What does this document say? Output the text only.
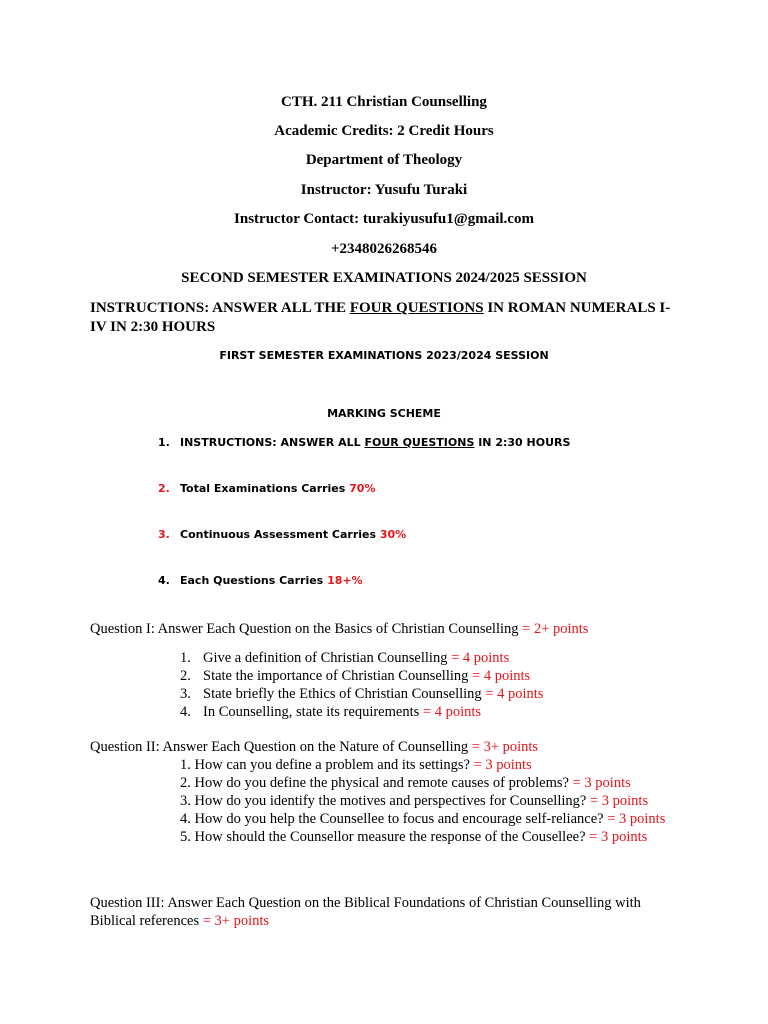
CTH. 211 Christian Counselling
Academic Credits: 2 Credit Hours
Department of Theology
Instructor: Yusufu Turaki
Instructor Contact: turakiyusufu1@gmail.com
+2348026268546
SECOND SEMESTER EXAMINATIONS 2024/2025 SESSION
INSTRUCTIONS: ANSWER ALL THE FOUR QUESTIONS IN ROMAN NUMERALS I-IV IN 2:30 HOURS
FIRST SEMESTER EXAMINATIONS 2023/2024 SESSION
MARKING SCHEME
1. INSTRUCTIONS: ANSWER ALL FOUR QUESTIONS IN 2:30 HOURS
2. Total Examinations Carries 70%
3. Continuous Assessment Carries 30%
4. Each Questions Carries 18+%
Question I: Answer Each Question on the Basics of Christian Counselling = 2+ points
1. Give a definition of Christian Counselling = 4 points
2. State the importance of Christian Counselling = 4 points
3. State briefly the Ethics of Christian Counselling = 4 points
4. In Counselling, state its requirements = 4 points
Question II: Answer Each Question on the Nature of Counselling = 3+ points
1. How can you define a problem and its settings? = 3 points
2. How do you define the physical and remote causes of problems? = 3 points
3. How do you identify the motives and perspectives for Counselling? = 3 points
4. How do you help the Counsellee to focus and encourage self-reliance? = 3 points
5. How should the Counsellor measure the response of the Cousellee? = 3 points
Question III: Answer Each Question on the Biblical Foundations of Christian Counselling with Biblical references = 3+ points
